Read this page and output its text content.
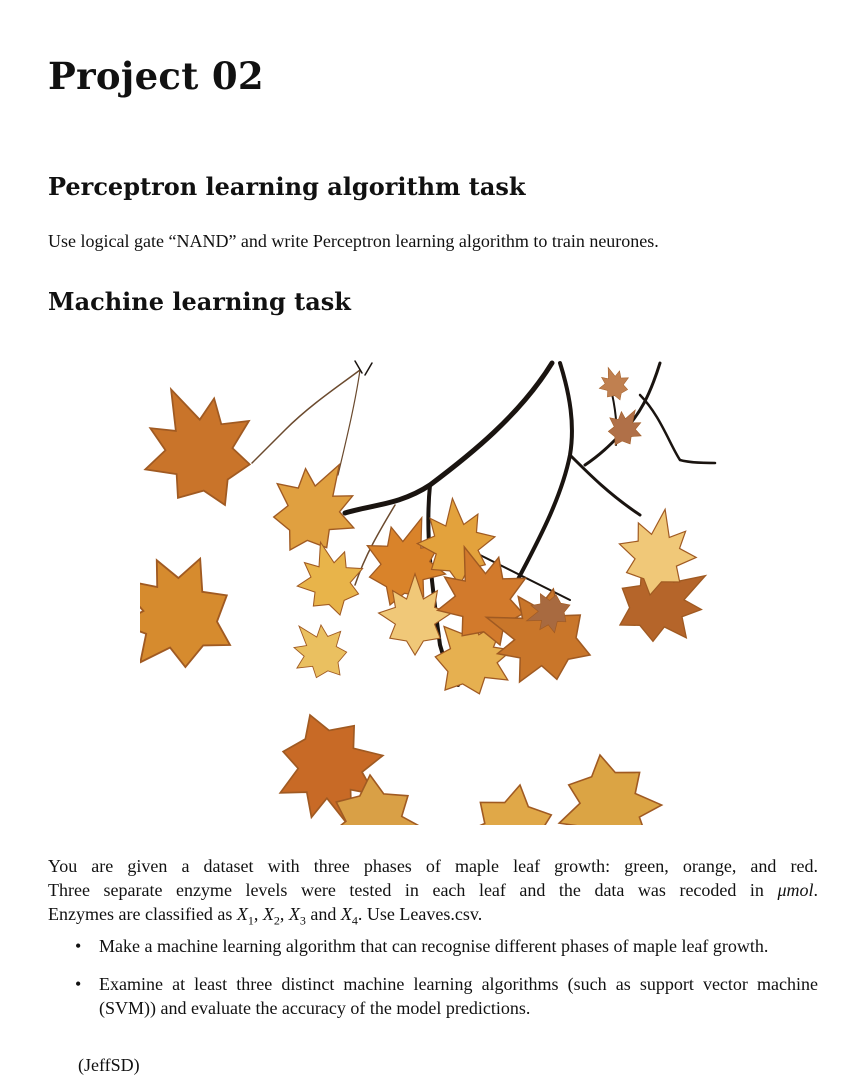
Project 02
Perceptron learning algorithm task

Use logical gate “NAND” and write Perceptron learning algorithm to train neurones.

Machine learning task

You are given a dataset with three phases of maple leaf growth: green, orange, and red.
Three separate enzyme levels were tested in each leaf and the data was recoded in μmol.
Enzymes are classified as $X_1$, $X_2$, $X_3$ and $X_4$. Use Leaves.csv.

• Make a machine learning algorithm that can recognise different phases of maple leaf growth.
• Examine at least three distinct machine learning algorithms (such as support vector machine (SVM)) and evaluate the accuracy of the model predictions.
(JeffSD)
